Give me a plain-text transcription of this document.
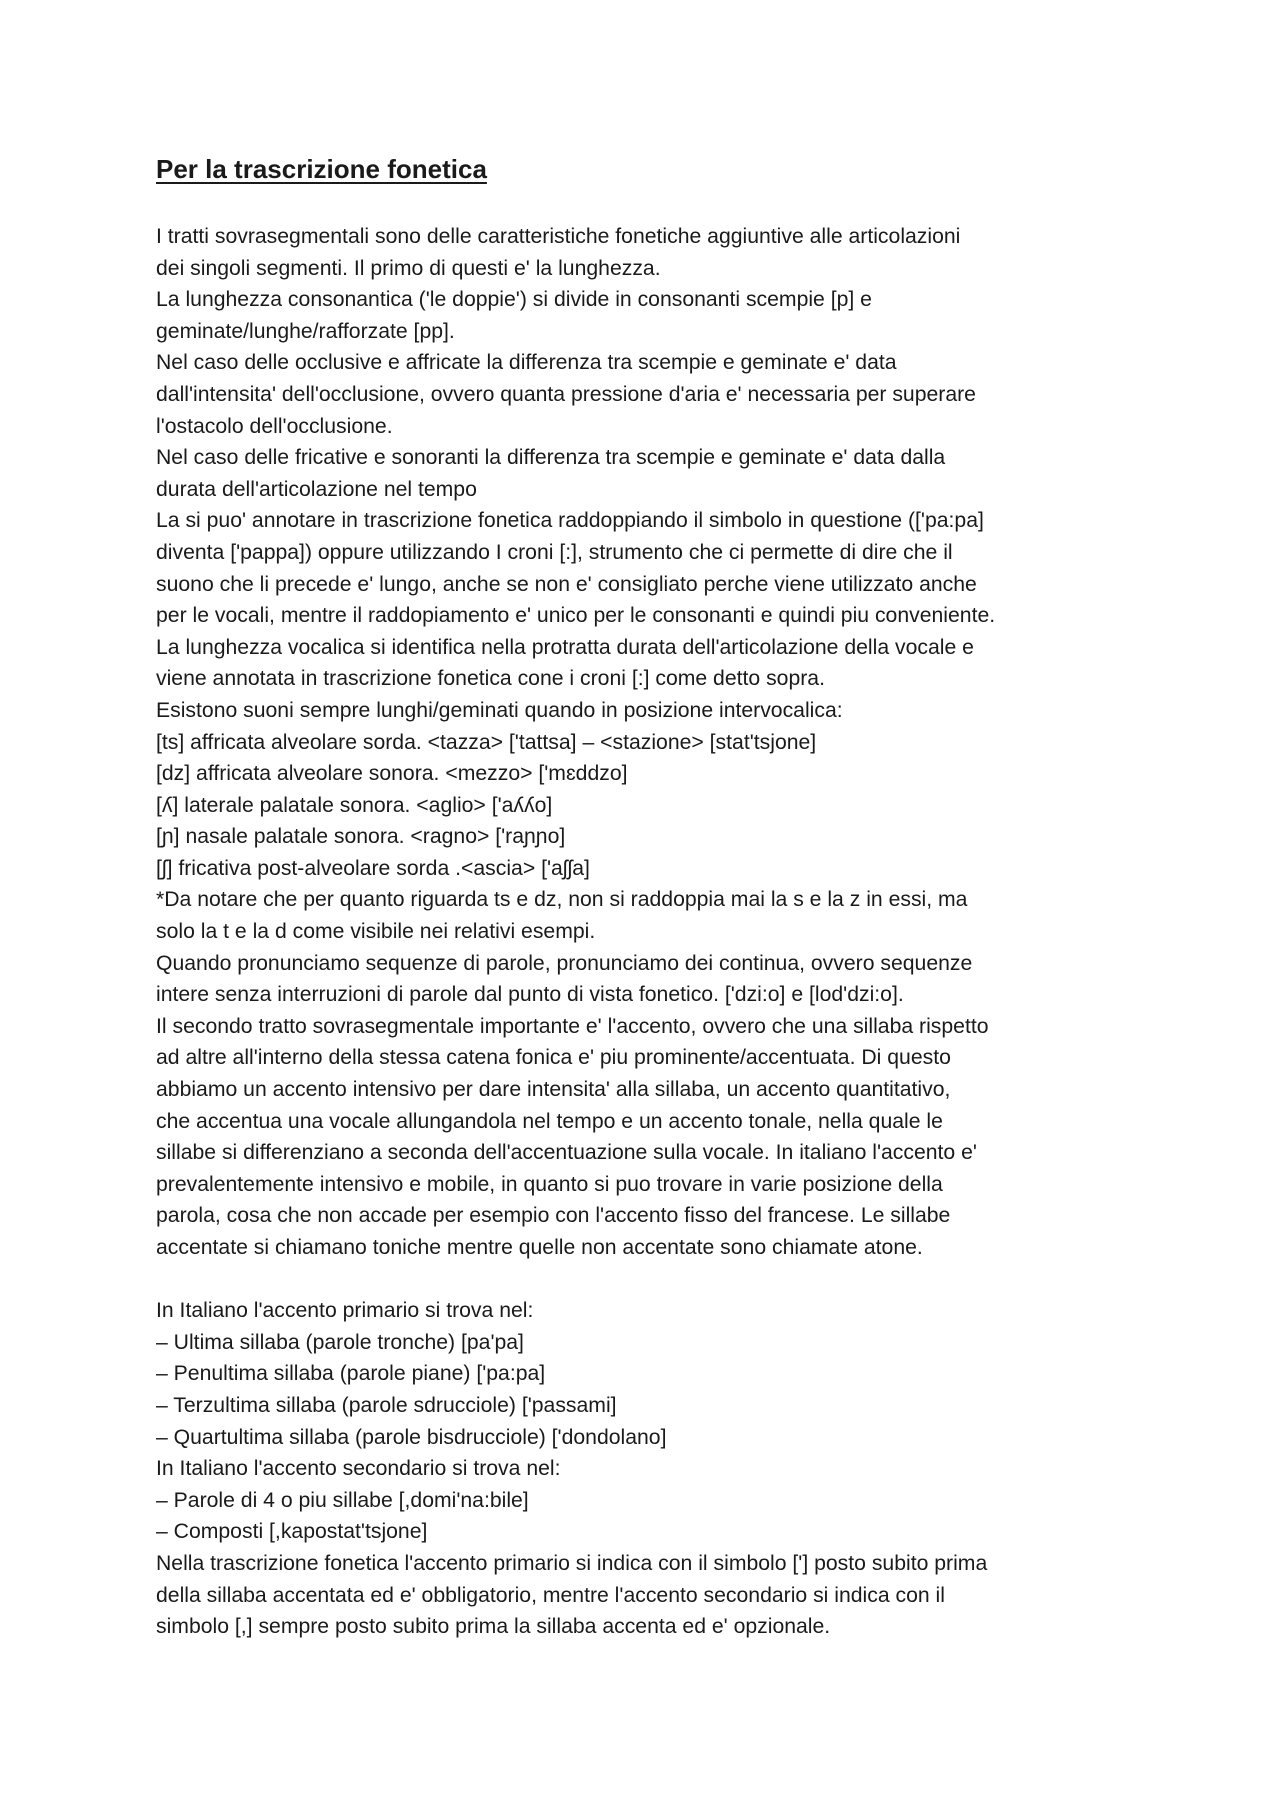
Per la trascrizione fonetica
I tratti sovrasegmentali sono delle caratteristiche fonetiche aggiuntive alle articolazioni
dei singoli segmenti. Il primo di questi e' la lunghezza.
La lunghezza consonantica ('le doppie') si divide in consonanti scempie [p] e
geminate/lunghe/rafforzate [pp].
Nel caso delle occlusive e affricate la differenza tra scempie e geminate e' data
dall'intensita' dell'occlusione, ovvero quanta pressione d'aria e' necessaria per superare
l'ostacolo dell'occlusione.
Nel caso delle fricative e sonoranti la differenza tra scempie e geminate e' data dalla
durata dell'articolazione nel tempo
La si puo' annotare in trascrizione fonetica raddoppiando il simbolo in questione (['pa:pa]
diventa ['pappa]) oppure utilizzando I croni [:], strumento che ci permette di dire che il
suono che li precede e' lungo, anche se non e' consigliato perche viene utilizzato anche
per le vocali, mentre il raddopiamento e' unico per le consonanti e quindi piu conveniente.
La lunghezza vocalica si identifica nella protratta durata dell'articolazione della vocale e
viene annotata in trascrizione fonetica cone i croni [:] come detto sopra.
Esistono suoni sempre lunghi/geminati quando in posizione intervocalica:
[ts] affricata alveolare sorda. <tazza> ['tattsa] – <stazione> [stat'tsjone]
[dz] affricata alveolare sonora. <mezzo> ['mɛddzo]
[ʎ] laterale palatale sonora. <aglio> ['aʎʎo]
[ɲ] nasale palatale sonora. <ragno> ['raɲɲo]
[ʃ] fricativa post-alveolare sorda .<ascia> ['aʃʃa]
*Da notare che per quanto riguarda ts e dz, non si raddoppia mai la s e la z in essi, ma
solo la t e la d come visibile nei relativi esempi.
Quando pronunciamo sequenze di parole, pronunciamo dei continua, ovvero sequenze
intere senza interruzioni di parole dal punto di vista fonetico. ['dzi:o] e [lod'dzi:o].
Il secondo tratto sovrasegmentale importante e' l'accento, ovvero che una sillaba rispetto
ad altre all'interno della stessa catena fonica e' piu prominente/accentuata. Di questo
abbiamo un accento intensivo per dare intensita' alla sillaba, un accento quantitativo,
che accentua una vocale allungandola nel tempo e un accento tonale, nella quale le
sillabe si differenziano a seconda dell'accentuazione sulla vocale. In italiano l'accento e'
prevalentemente intensivo e mobile, in quanto si puo trovare in varie posizione della
parola, cosa che non accade per esempio con l'accento fisso del francese. Le sillabe
accentate si chiamano toniche mentre quelle non accentate sono chiamate atone.
In Italiano l'accento primario si trova nel:
– Ultima sillaba (parole tronche) [pa'pa]
– Penultima sillaba (parole piane) ['pa:pa]
– Terzultima sillaba (parole sdrucciole) ['passami]
– Quartultima sillaba (parole bisdrucciole) ['dondolano]
In Italiano l'accento secondario si trova nel:
– Parole di 4 o piu sillabe [,domi'na:bile]
– Composti [,kapostat'tsjone]
Nella trascrizione fonetica l'accento primario si indica con il simbolo ['] posto subito prima
della sillaba accentata ed e' obbligatorio, mentre l'accento secondario si indica con il
simbolo [,] sempre posto subito prima la sillaba accenta ed e' opzionale.
